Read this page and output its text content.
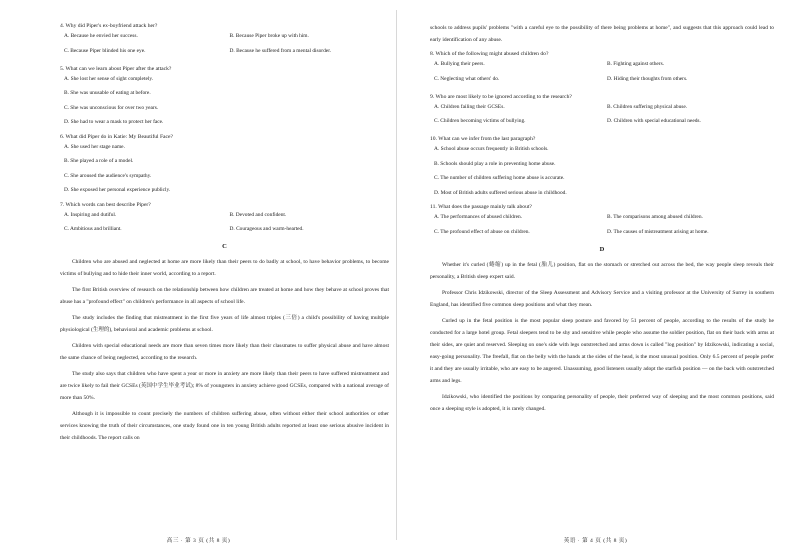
4. Why did Piper's ex-boyfriend attack her?

A. Because he envied her success.	B. Because Piper broke up with him.
C. Because Piper blinded his one eye.	D. Because he suffered from a mental disorder.

5. What can we learn about Piper after the attack?

A. She lost her sense of sight completely.
B. She was unusable of eating at before.
C. She was unconscious for over two years.
D. She had to wear a mask to protect her face.

6. What did Piper do in Katie: My Beautiful Face?

A. She used her stage name.
B. She played a role of a model.
C. She aroused the audience's sympathy.
D. She exposed her personal experience publicly.

7. Which words can best describe Piper?

A. Inspiring and dutiful.	B. Devoted and confident.
C. Ambitious and brilliant.	D. Courageous and warm-hearted.
C

Children who are abused and neglected at home are more likely than their peers to do badly at school, to have behavior problems, to become victims of bullying and to hide their inner world, according to a report.

The first British overview of research on the relationship between how children are treated at home and how they behave at school proves that abuse has a "profound effect" on children's performance in all aspects of school life.

The study includes the finding that mistreatment in the first five years of life almost triples (三倍) a child's possibility of having multiple physiological (生理的), behavioral and academic problems at school.

Children with special educational needs are more than seven times more likely than their classmates to suffer physical abuse and have almost the same chance of being neglected, according to the research.

The study also says that children who have spent a year or more in anxiety are more likely than their peers to have suffered mistreatment and are twice likely to fail their GCSEs (英国中学生毕业考试); 8% of youngsters in anxiety achieve good GCSEs, compared with a national average of more than 50%.

Although it is impossible to count precisely the numbers of children suffering abuse, often without either their school authorities or other services knowing the truth of their circumstances, one study found one in ten young British adults reported at least one serious abusive incident in their childhoods. The report calls on

高三 · 第 3 页 (共 8 页)

schools to address pupils' problems "with a careful eye to the possibility of there being problems at home", and suggests that this approach could lead to early identification of any abuse.

8. Which of the following might abused children do?

A. Bullying their peers.	B. Fighting against others.
C. Neglecting what others' do.	D. Hiding their thoughts from others.

9. Who are most likely to be ignored according to the research?

A. Children failing their GCSEs.	B. Children suffering physical abuse.
C. Children becoming victims of bullying.	D. Children with special educational needs.

10. What can we infer from the last paragraph?

A. School abuse occurs frequently in British schools.
B. Schools should play a role in preventing home abuse.
C. The number of children suffering home abuse is accurate.
D. Most of British adults suffered serious abuse in childhood.

11. What does the passage mainly talk about?

A. The performances of abused children.	B. The comparisons among abused children.
C. The profound effect of abuse on children.	D. The causes of mistreatment arising at home.
D

Whether it's curled (蜷缩) up in the fetal (胎儿) position, flat on the stomach or stretched out across the bed, the way people sleep reveals their personality, a British sleep expert said.

Professor Chris Idzikowski, director of the Sleep Assessment and Advisory Service and a visiting professor at the University of Surrey in southern England, has identified five common sleep positions and what they mean.

Curled up in the fetal position is the most popular sleep posture and favored by 51 percent of people, according to the results of the study he conducted for a large hotel group. Fetal sleepers tend to be shy and sensitive while people who assume the soldier position, flat on their back with arms at their sides, are quiet and reserved. Sleeping on one's side with legs outstretched and arms down is called "log position" by Idzikowski, indicating a social, easy-going personality. The freefall, flat on the belly with the hands at the sides of the head, is the most unusual position. Only 6.5 percent of people prefer it and they are usually irritable, who are easy to be angered. Unassuming, good listeners usually adopt the starfish position — on the back with outstretched arms and legs.

Idzikowski, who identified the positions by comparing personality of people, their preferred way of sleeping and the most common positions, said once a sleeping style is adopted, it is rarely changed.

英语 · 第 4 页 (共 8 页)
